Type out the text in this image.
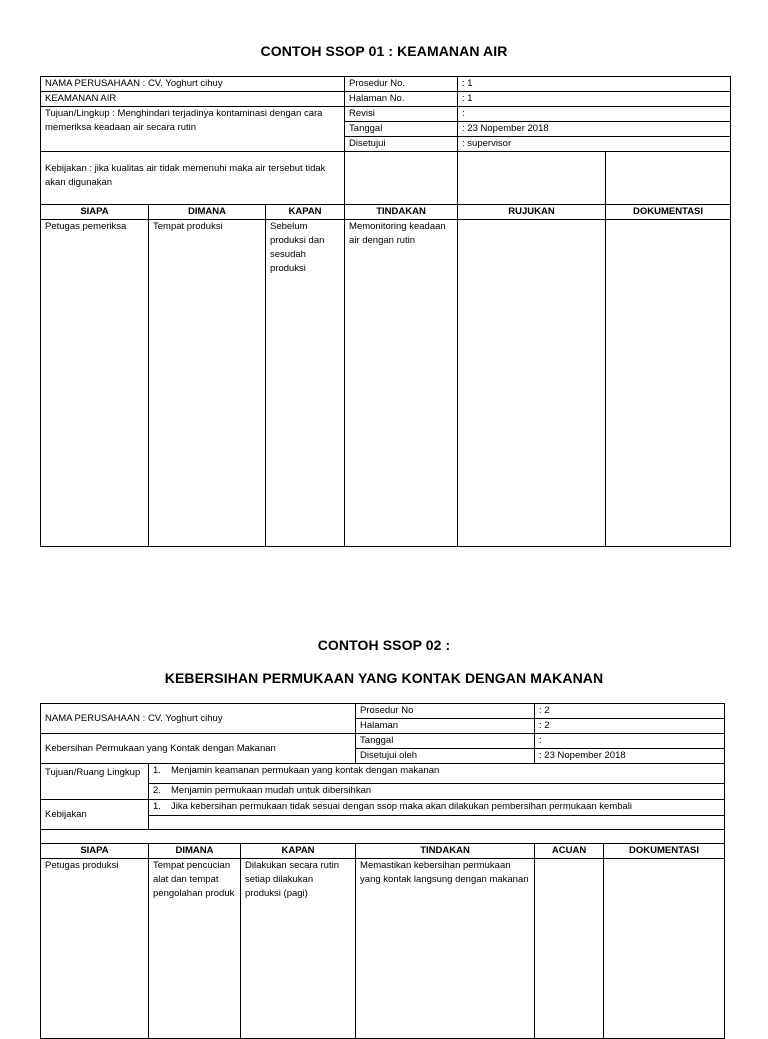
CONTOH SSOP 01 : KEAMANAN AIR
NAMA PERUSAHAAN : CV. Yoghurt cihuy			Prosedur No.	: 1	
KEAMANAN AIR			Halaman No.	: 1	
Tujuan/Lingkup : Menghindari terjadinya kontaminasi dengan cara memeriksa keadaan air secara rutin			Revisi	:	
			Tanggal	: 23 Nopember 2018	
			Disetujui	: supervisor	
Kebijakan : jika kualitas air tidak memenuhi maka air tersebut tidak akan digunakan					
SIAPA	DIMANA	KAPAN	TINDAKAN	RUJUKAN	DOKUMENTASI
Petugas pemeriksa	Tempat produksi	Sebelum produksi dan sesudah produksi	Memonitoring keadaan air dengan rutin		
CONTOH SSOP 02 :
KEBERSIHAN PERMUKAAN YANG KONTAK DENGAN MAKANAN
NAMA PERUSAHAAN : CV. Yoghurt cihuy			Prosedur No	: 2	
			Halaman	: 2	
Kebersihan Permukaan yang Kontak dengan Makanan			Tanggal	:	
			Disetujui oleh	: 23 Nopember 2018	
Tujuan/Ruang Lingkup	1. Menjamin keamanan permukaan yang kontak dengan makanan				
	2. Menjamin permukaan mudah untuk dibersihkan				
Kebijakan	1. Jika kebersihan permukaan tidak sesuai dengan ssop maka akan dilakukan pembersihan permukaan kembali				

SIAPA	DIMANA	KAPAN	TINDAKAN	ACUAN	DOKUMENTASI
Petugas produksi	Tempat pencucian alat dan tempat pengolahan produk	Dilakukan secara rutin setiap dilakukan produksi (pagi)	Memastikan kebersihan permukaan yang kontak langsung dengan makanan		
